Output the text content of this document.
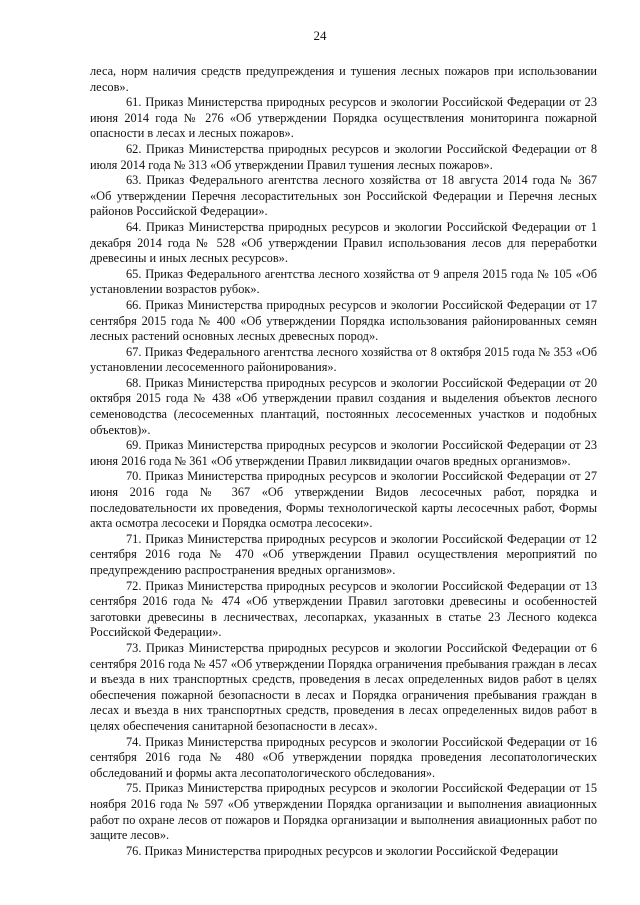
24

леса, норм наличия средств предупреждения и тушения лесных пожаров при использовании лесов».

61. Приказ Министерства природных ресурсов и экологии Российской Федерации от 23 июня 2014 года № 276 «Об утверждении Порядка осуществления мониторинга пожарной опасности в лесах и лесных пожаров».

62. Приказ Министерства природных ресурсов и экологии Российской Федерации от 8 июля 2014 года № 313 «Об утверждении Правил тушения лесных пожаров».

63. Приказ Федерального агентства лесного хозяйства от 18 августа 2014 года № 367 «Об утверждении Перечня лесорастительных зон Российской Федерации и Перечня лесных районов Российской Федерации».

64. Приказ Министерства природных ресурсов и экологии Российской Федерации от 1 декабря 2014 года № 528 «Об утверждении Правил использования лесов для переработки древесины и иных лесных ресурсов».

65. Приказ Федерального агентства лесного хозяйства от 9 апреля 2015 года № 105 «Об установлении возрастов рубок».

66. Приказ Министерства природных ресурсов и экологии Российской Федерации от 17 сентября 2015 года № 400 «Об утверждении Порядка использования районированных семян лесных растений основных лесных древесных пород».

67. Приказ Федерального агентства лесного хозяйства от 8 октября 2015 года № 353 «Об установлении лесосеменного районирования».

68. Приказ Министерства природных ресурсов и экологии Российской Федерации от 20 октября 2015 года № 438 «Об утверждении правил создания и выделения объектов лесного семеноводства (лесосеменных плантаций, постоянных лесосеменных участков и подобных объектов)».

69. Приказ Министерства природных ресурсов и экологии Российской Федерации от 23 июня 2016 года № 361 «Об утверждении Правил ликвидации очагов вредных организмов».

70. Приказ Министерства природных ресурсов и экологии Российской Федерации от 27 июня 2016 года № 367 «Об утверждении Видов лесосечных работ, порядка и последовательности их проведения, Формы технологической карты лесосечных работ, Формы акта осмотра лесосеки и Порядка осмотра лесосеки».

71. Приказ Министерства природных ресурсов и экологии Российской Федерации от 12 сентября 2016 года № 470 «Об утверждении Правил осуществления мероприятий по предупреждению распространения вредных организмов».

72. Приказ Министерства природных ресурсов и экологии Российской Федерации от 13 сентября 2016 года № 474 «Об утверждении Правил заготовки древесины и особенностей заготовки древесины в лесничествах, лесопарках, указанных в статье 23 Лесного кодекса Российской Федерации».

73. Приказ Министерства природных ресурсов и экологии Российской Федерации от 6 сентября 2016 года № 457 «Об утверждении Порядка ограничения пребывания граждан в лесах и въезда в них транспортных средств, проведения в лесах определенных видов работ в целях обеспечения пожарной безопасности в лесах и Порядка ограничения пребывания граждан в лесах и въезда в них транспортных средств, проведения в лесах определенных видов работ в целях обеспечения санитарной безопасности в лесах».

74. Приказ Министерства природных ресурсов и экологии Российской Федерации от 16 сентября 2016 года № 480 «Об утверждении порядка проведения лесопатологических обследований и формы акта лесопатологического обследования».

75. Приказ Министерства природных ресурсов и экологии Российской Федерации от 15 ноября 2016 года № 597 «Об утверждении Порядка организации и выполнения авиационных работ по охране лесов от пожаров и Порядка организации и выполнения авиационных работ по защите лесов».

76. Приказ Министерства природных ресурсов и экологии Российской Федерации
